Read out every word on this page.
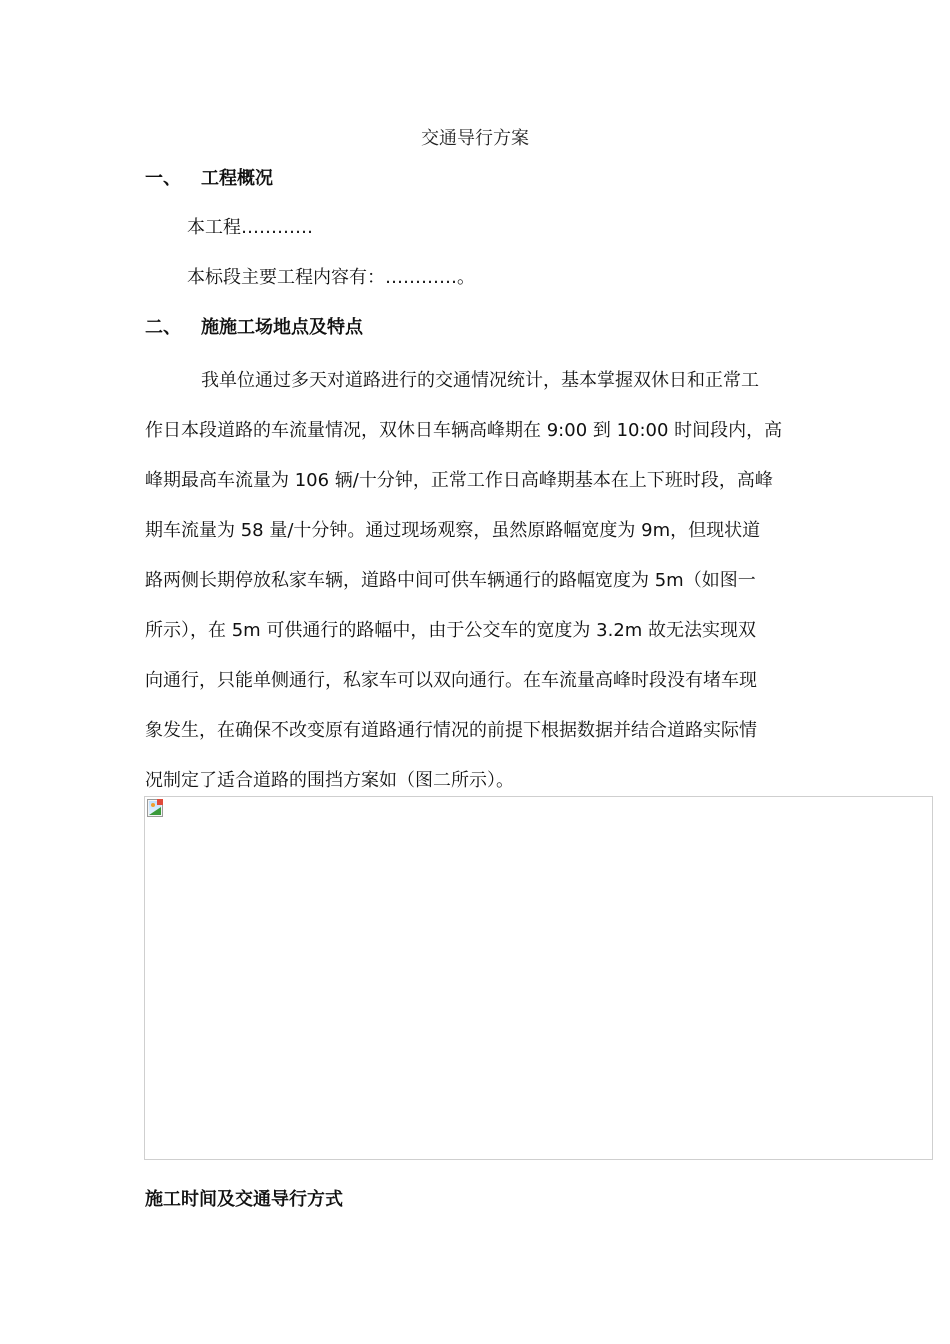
交通导行方案
一、 工程概况
本工程…………
本标段主要工程内容有：…………。
二、 施施工场地点及特点
我单位通过多天对道路进行的交通情况统计，基本掌握双休日和正常工
作日本段道路的车流量情况，双休日车辆高峰期在 9:00 到 10:00 时间段内，高
峰期最高车流量为 106 辆/十分钟，正常工作日高峰期基本在上下班时段，高峰
期车流量为 58 量/十分钟。通过现场观察，虽然原路幅宽度为 9m，但现状道
路两侧长期停放私家车辆，道路中间可供车辆通行的路幅宽度为 5m（如图一
所示），在 5m 可供通行的路幅中，由于公交车的宽度为 3.2m 故无法实现双
向通行，只能单侧通行，私家车可以双向通行。在车流量高峰时段没有堵车现
象发生，在确保不改变原有道路通行情况的前提下根据数据并结合道路实际情
况制定了适合道路的围挡方案如（图二所示）。
施工时间及交通导行方式
